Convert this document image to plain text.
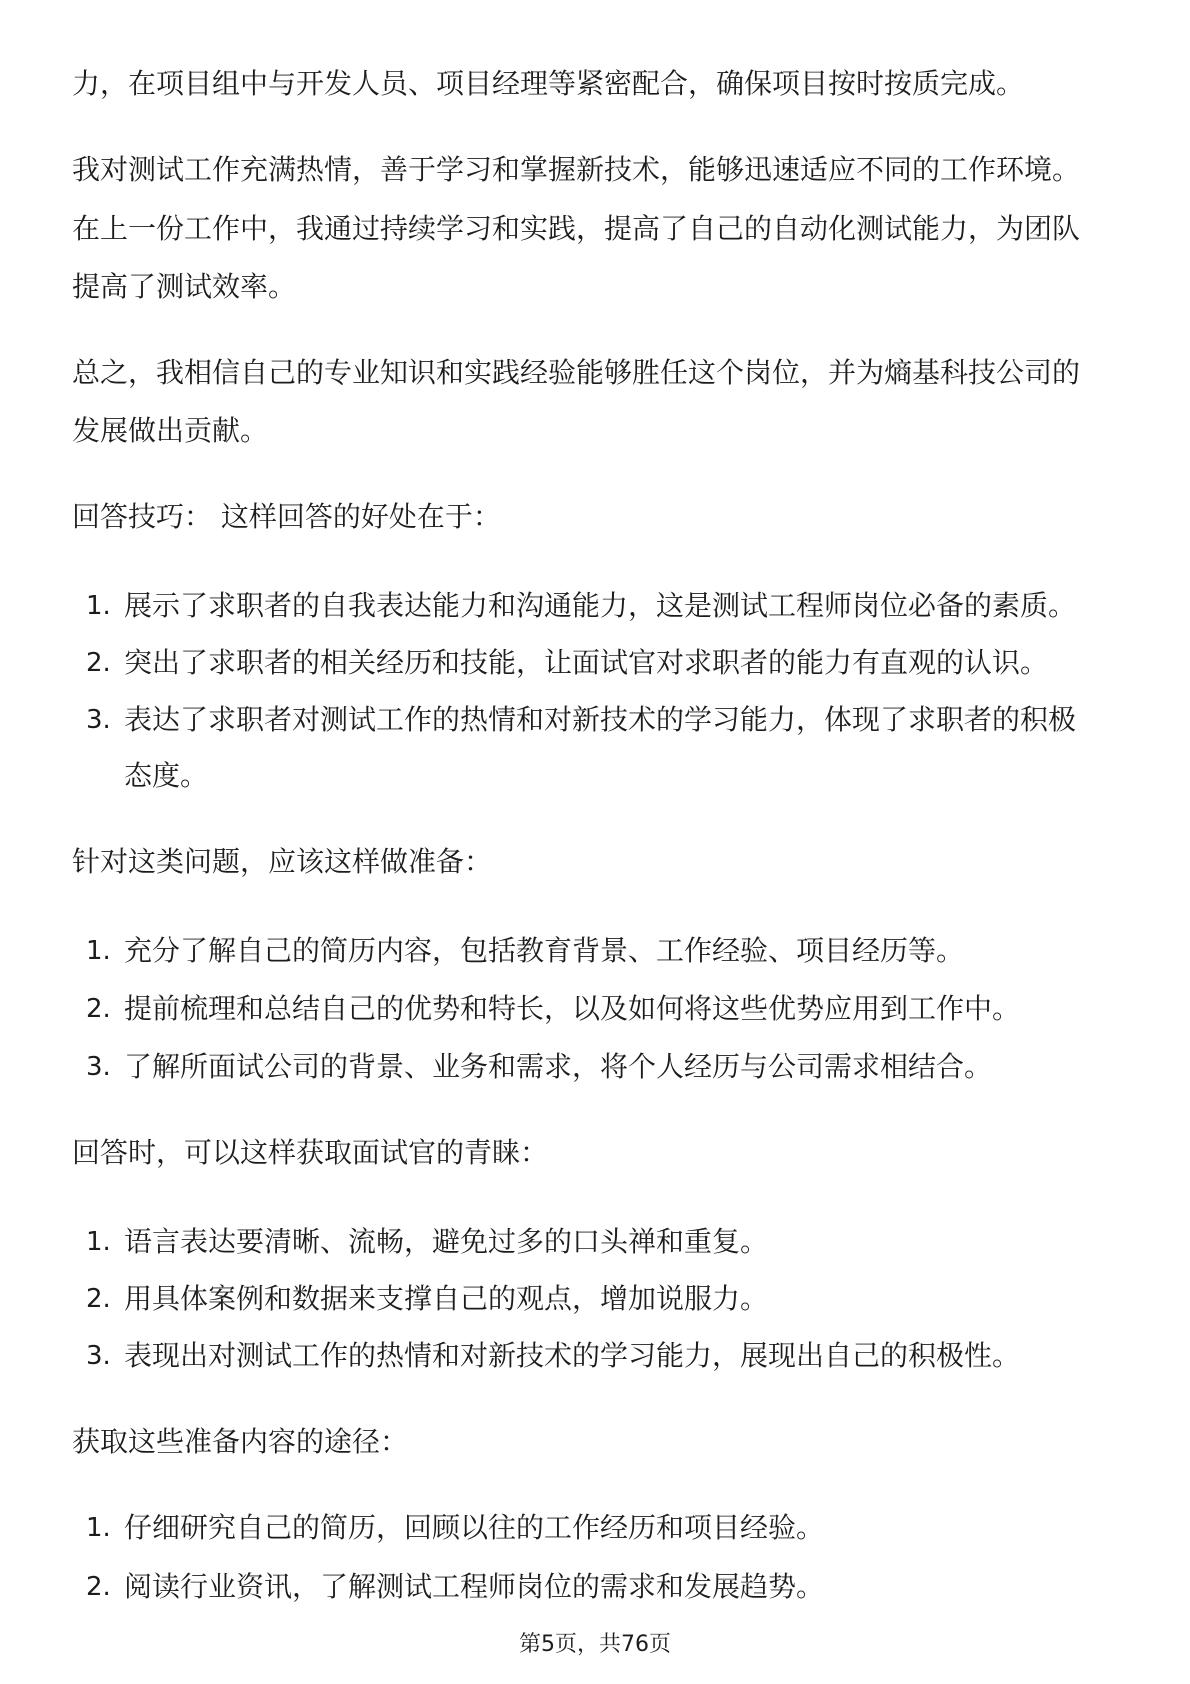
力，在项目组中与开发人员、项目经理等紧密配合，确保项目按时按质完成。
我对测试工作充满热情，善于学习和掌握新技术，能够迅速适应不同的工作环境。
在上一份工作中，我通过持续学习和实践，提高了自己的自动化测试能力，为团队
提高了测试效率。
总之，我相信自己的专业知识和实践经验能够胜任这个岗位，并为熵基科技公司的
发展做出贡献。
回答技巧： 这样回答的好处在于：
1. 展示了求职者的自我表达能力和沟通能力，这是测试工程师岗位必备的素质。
2. 突出了求职者的相关经历和技能，让面试官对求职者的能力有直观的认识。
3. 表达了求职者对测试工作的热情和对新技术的学习能力，体现了求职者的积极
态度。
针对这类问题，应该这样做准备：
1. 充分了解自己的简历内容，包括教育背景、工作经验、项目经历等。
2. 提前梳理和总结自己的优势和特长，以及如何将这些优势应用到工作中。
3. 了解所面试公司的背景、业务和需求，将个人经历与公司需求相结合。
回答时，可以这样获取面试官的青睐：
1. 语言表达要清晰、流畅，避免过多的口头禅和重复。
2. 用具体案例和数据来支撑自己的观点，增加说服力。
3. 表现出对测试工作的热情和对新技术的学习能力，展现出自己的积极性。
获取这些准备内容的途径：
1. 仔细研究自己的简历，回顾以往的工作经历和项目经验。
2. 阅读行业资讯，了解测试工程师岗位的需求和发展趋势。
第5页，共76页
